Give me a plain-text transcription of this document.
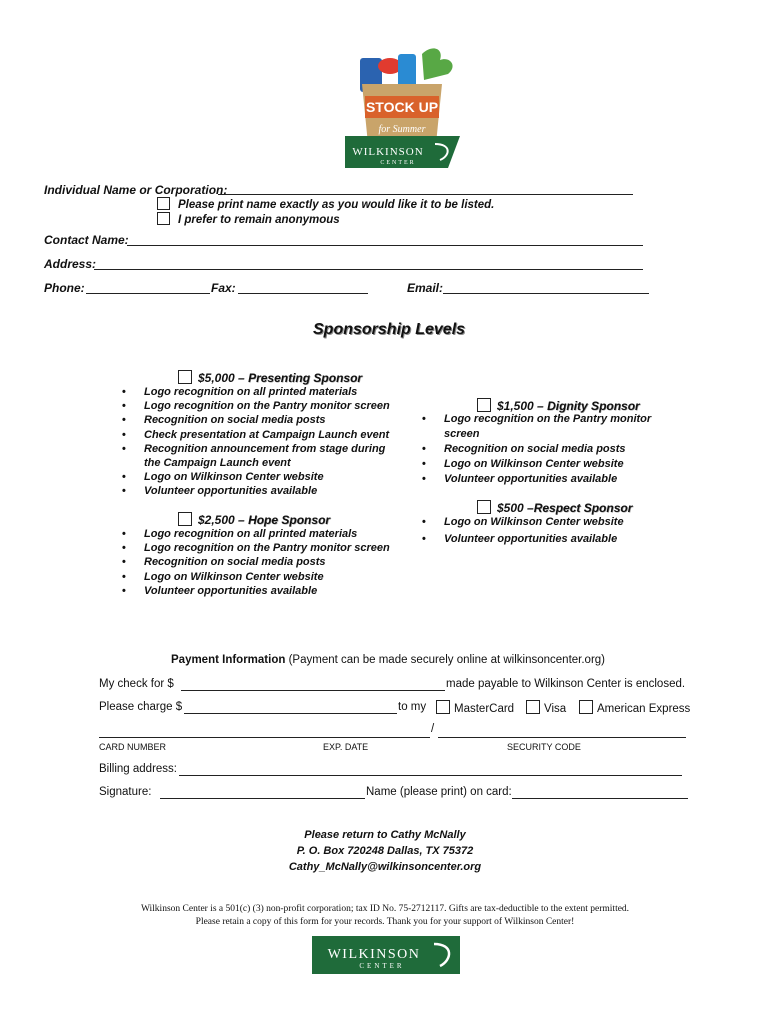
STOCK UP
for Summer
WILKINSON
CENTER
Individual Name or Corporation:
Please print name exactly as you would like it to be listed.
I prefer to remain anonymous
Contact Name:
Address:
Phone:	Fax:	Email:
Sponsorship Levels
$5,000 – Presenting Sponsor
• Logo recognition on all printed materials
• Logo recognition on the Pantry monitor screen
• Recognition on social media posts
• Check presentation at Campaign Launch event
• Recognition announcement from stage during the Campaign Launch event
• Logo on Wilkinson Center website
• Volunteer opportunities available
$2,500 – Hope Sponsor
• Logo recognition on all printed materials
• Logo recognition on the Pantry monitor screen
• Recognition on social media posts
• Logo on Wilkinson Center website
• Volunteer opportunities available
$1,500 – Dignity Sponsor
• Logo recognition on the Pantry monitor screen
• Recognition on social media posts
• Logo on Wilkinson Center website
• Volunteer opportunities available
$500 –Respect Sponsor
• Logo on Wilkinson Center website
• Volunteer opportunities available
Payment Information (Payment can be made securely online at wilkinsoncenter.org)
My check for $	made payable to Wilkinson Center is enclosed.
Please charge $	to my	MasterCard	Visa	American Express
/
CARD NUMBER	EXP. DATE	SECURITY CODE
Billing address:
Signature:	Name (please print) on card:
Please return to Cathy McNally
P. O. Box 720248 Dallas, TX 75372
Cathy_McNally@wilkinsoncenter.org
Wilkinson Center is a 501(c) (3) non-profit corporation; tax ID No. 75-2712117. Gifts are tax-deductible to the extent permitted.
Please retain a copy of this form for your records. Thank you for your support of Wilkinson Center!
WILKINSON
CENTER
